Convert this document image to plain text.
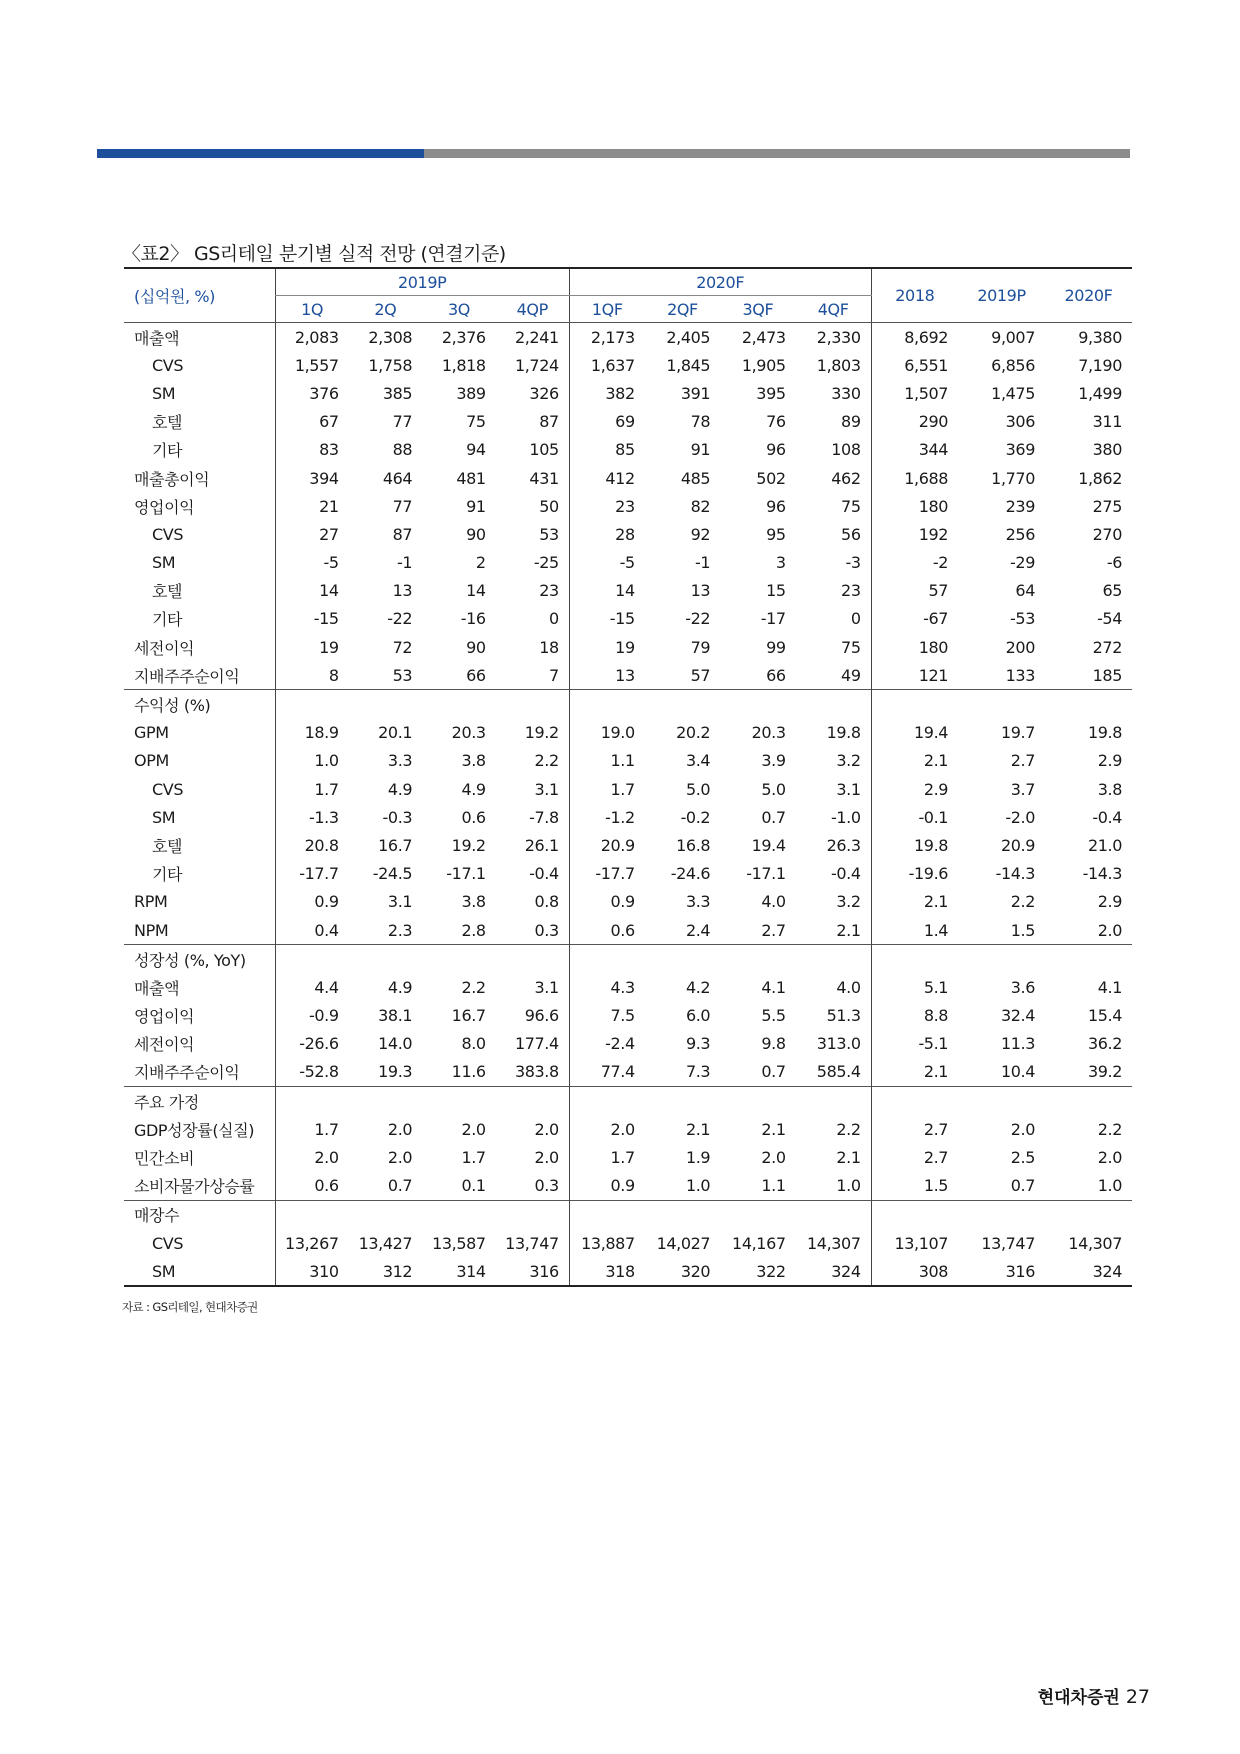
〈표2〉 GS리테일 분기별 실적 전망 (연결기준)
(십억원, %)	2019P				2020F				2018	2019P	2020F
	1Q	2Q	3Q	4QP	1QF	2QF	3QF	4QF			
매출액	2,083	2,308	2,376	2,241	2,173	2,405	2,473	2,330	8,692	9,007	9,380
CVS	1,557	1,758	1,818	1,724	1,637	1,845	1,905	1,803	6,551	6,856	7,190
SM	376	385	389	326	382	391	395	330	1,507	1,475	1,499
호텔	67	77	75	87	69	78	76	89	290	306	311
기타	83	88	94	105	85	91	96	108	344	369	380
매출총이익	394	464	481	431	412	485	502	462	1,688	1,770	1,862
영업이익	21	77	91	50	23	82	96	75	180	239	275
CVS	27	87	90	53	28	92	95	56	192	256	270
SM	-5	-1	2	-25	-5	-1	3	-3	-2	-29	-6
호텔	14	13	14	23	14	13	15	23	57	64	65
기타	-15	-22	-16	0	-15	-22	-17	0	-67	-53	-54
세전이익	19	72	90	18	19	79	99	75	180	200	272
지배주주순이익	8	53	66	7	13	57	66	49	121	133	185
수익성 (%)											
GPM	18.9	20.1	20.3	19.2	19.0	20.2	20.3	19.8	19.4	19.7	19.8
OPM	1.0	3.3	3.8	2.2	1.1	3.4	3.9	3.2	2.1	2.7	2.9
CVS	1.7	4.9	4.9	3.1	1.7	5.0	5.0	3.1	2.9	3.7	3.8
SM	-1.3	-0.3	0.6	-7.8	-1.2	-0.2	0.7	-1.0	-0.1	-2.0	-0.4
호텔	20.8	16.7	19.2	26.1	20.9	16.8	19.4	26.3	19.8	20.9	21.0
기타	-17.7	-24.5	-17.1	-0.4	-17.7	-24.6	-17.1	-0.4	-19.6	-14.3	-14.3
RPM	0.9	3.1	3.8	0.8	0.9	3.3	4.0	3.2	2.1	2.2	2.9
NPM	0.4	2.3	2.8	0.3	0.6	2.4	2.7	2.1	1.4	1.5	2.0
성장성 (%, YoY)											
매출액	4.4	4.9	2.2	3.1	4.3	4.2	4.1	4.0	5.1	3.6	4.1
영업이익	-0.9	38.1	16.7	96.6	7.5	6.0	5.5	51.3	8.8	32.4	15.4
세전이익	-26.6	14.0	8.0	177.4	-2.4	9.3	9.8	313.0	-5.1	11.3	36.2
지배주주순이익	-52.8	19.3	11.6	383.8	77.4	7.3	0.7	585.4	2.1	10.4	39.2
주요 가정											
GDP성장률(실질)	1.7	2.0	2.0	2.0	2.0	2.1	2.1	2.2	2.7	2.0	2.2
민간소비	2.0	2.0	1.7	2.0	1.7	1.9	2.0	2.1	2.7	2.5	2.0
소비자물가상승률	0.6	0.7	0.1	0.3	0.9	1.0	1.1	1.0	1.5	0.7	1.0
매장수											
CVS	13,267	13,427	13,587	13,747	13,887	14,027	14,167	14,307	13,107	13,747	14,307
SM	310	312	314	316	318	320	322	324	308	316	324
자료 : GS리테일, 현대차증권
현대차증권 27
